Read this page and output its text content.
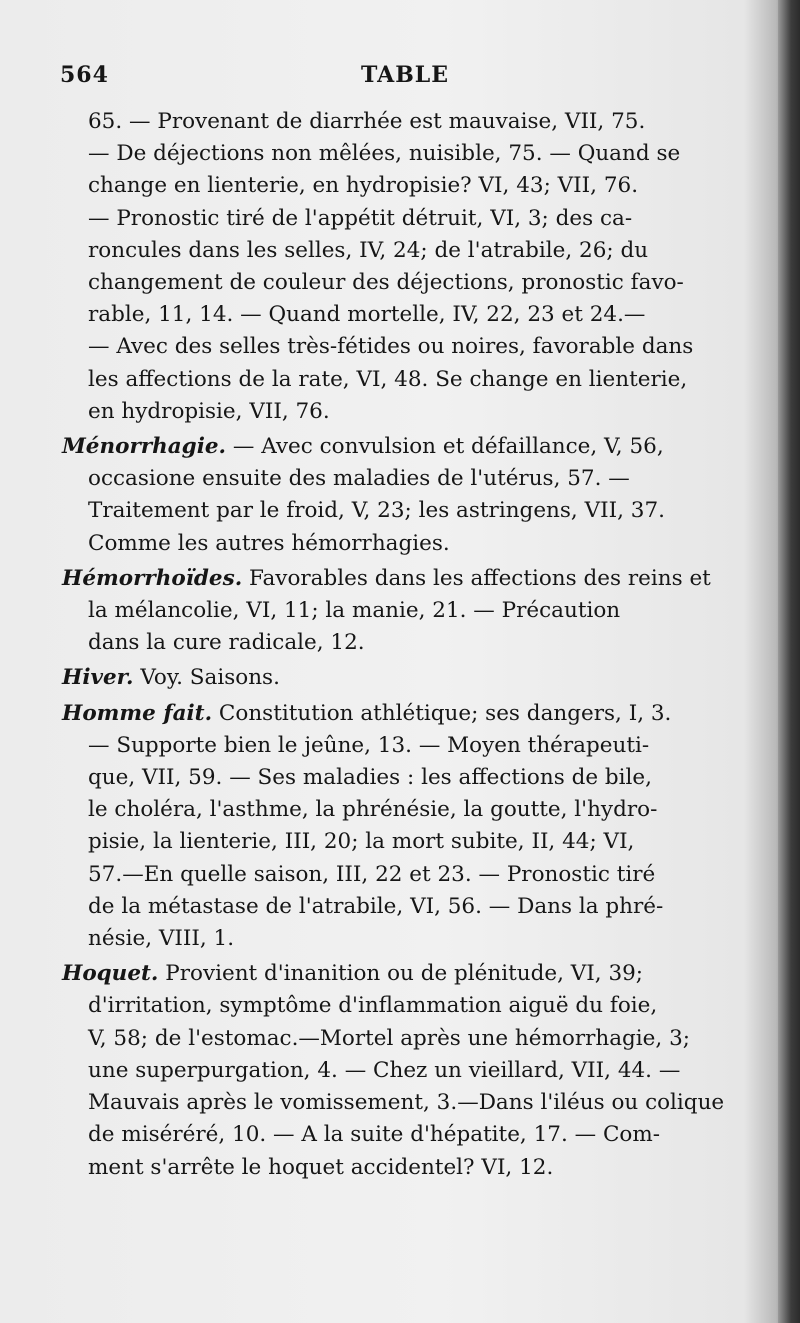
564	TABLE

65. — Provenant de diarrhée est mauvaise, VII, 75.
— De déjections non mêlées, nuisible, 75. — Quand se
change en lienterie, en hydropisie? VI, 43; VII, 76.
— Pronostic tiré de l'appétit détruit, VI, 3; des ca-
roncules dans les selles, IV, 24; de l'atrabile, 26; du
changement de couleur des déjections, pronostic favo-
rable, 11, 14. — Quand mortelle, IV, 22, 23 et 24.—
— Avec des selles très-fétides ou noires, favorable dans
les affections de la rate, VI, 48. Se change en lienterie,
en hydropisie, VII, 76.

Ménorrhagie. — Avec convulsion et défaillance, V, 56,
occasione ensuite des maladies de l'utérus, 57. —
Traitement par le froid, V, 23; les astringens, VII, 37.
Comme les autres hémorrhagies.

Hémorrhoïdes. Favorables dans les affections des reins et
la mélancolie, VI, 11; la manie, 21. — Précaution
dans la cure radicale, 12.

Hiver. Voy. Saisons.

Homme fait. Constitution athlétique; ses dangers, I, 3.
— Supporte bien le jeûne, 13. — Moyen thérapeuti-
que, VII, 59. — Ses maladies : les affections de bile,
le choléra, l'asthme, la phrénésie, la goutte, l'hydro-
pisie, la lienterie, III, 20; la mort subite, II, 44; VI,
57.—En quelle saison, III, 22 et 23. — Pronostic tiré
de la métastase de l'atrabile, VI, 56. — Dans la phré-
nésie, VIII, 1.

Hoquet. Provient d'inanition ou de plénitude, VI, 39;
d'irritation, symptôme d'inflammation aiguë du foie,
V, 58; de l'estomac.—Mortel après une hémorrhagie, 3;
une superpurgation, 4. — Chez un vieillard, VII, 44. —
Mauvais après le vomissement, 3.—Dans l'iléus ou colique
de miséréré, 10. — A la suite d'hépatite, 17. — Com-
ment s'arrête le hoquet accidentel? VI, 12.
